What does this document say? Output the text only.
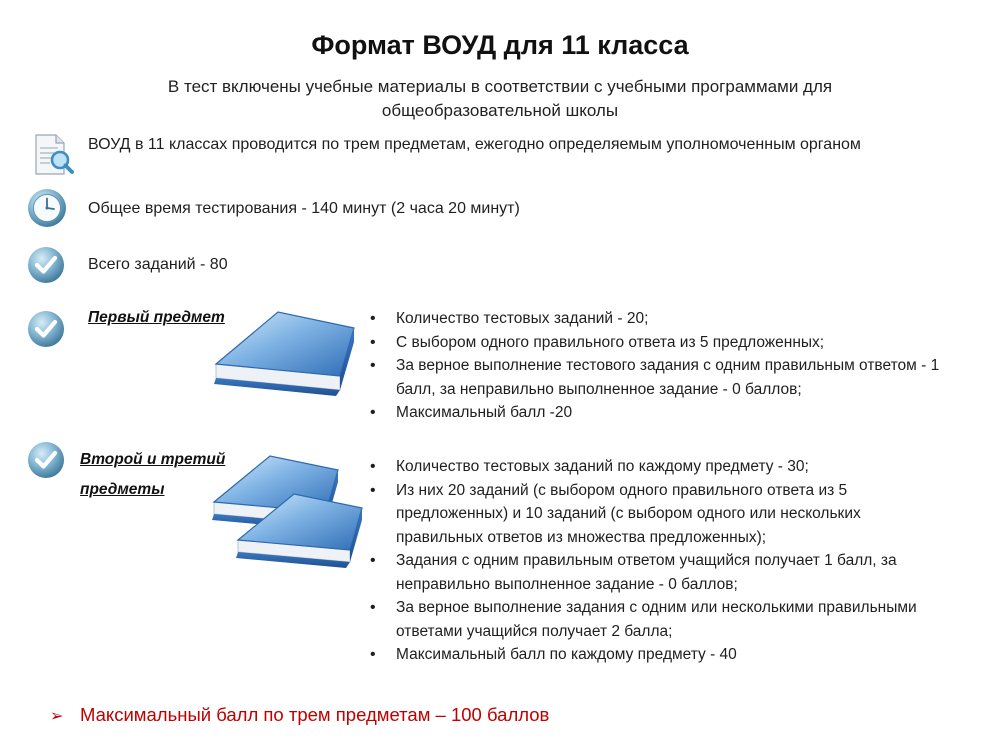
Формат ВОУД для 11 класса
В тест включены учебные материалы в соответствии с учебными программами для общеобразовательной школы
ВОУД в 11 классах проводится по трем предметам, ежегодно определяемым уполномоченным органом
Общее время тестирования - 140 минут (2 часа 20 минут)
Всего заданий - 80
Первый предмет
•	Количество тестовых заданий - 20;
• С выбором одного правильного ответа из 5 предложенных;
• За верное выполнение тестового задания с одним правильным ответом - 1 балл, за неправильно выполненное задание - 0 баллов;
• Максимальный балл -20
Второй и третий
предметы
• Количество тестовых заданий по каждому предмету - 30;
• Из них 20 заданий (с выбором одного правильного ответа из 5 предложенных) и 10 заданий (с выбором одного или нескольких правильных ответов из множества предложенных);
• Задания с одним правильным ответом учащийся получает 1 балл, за неправильно выполненное задание - 0 баллов;
• За верное выполнение задания с одним или несколькими правильными ответами учащийся получает 2 балла;
• Максимальный балл по каждому предмету - 40
➢ Максимальный балл по трем предметам – 100 баллов
